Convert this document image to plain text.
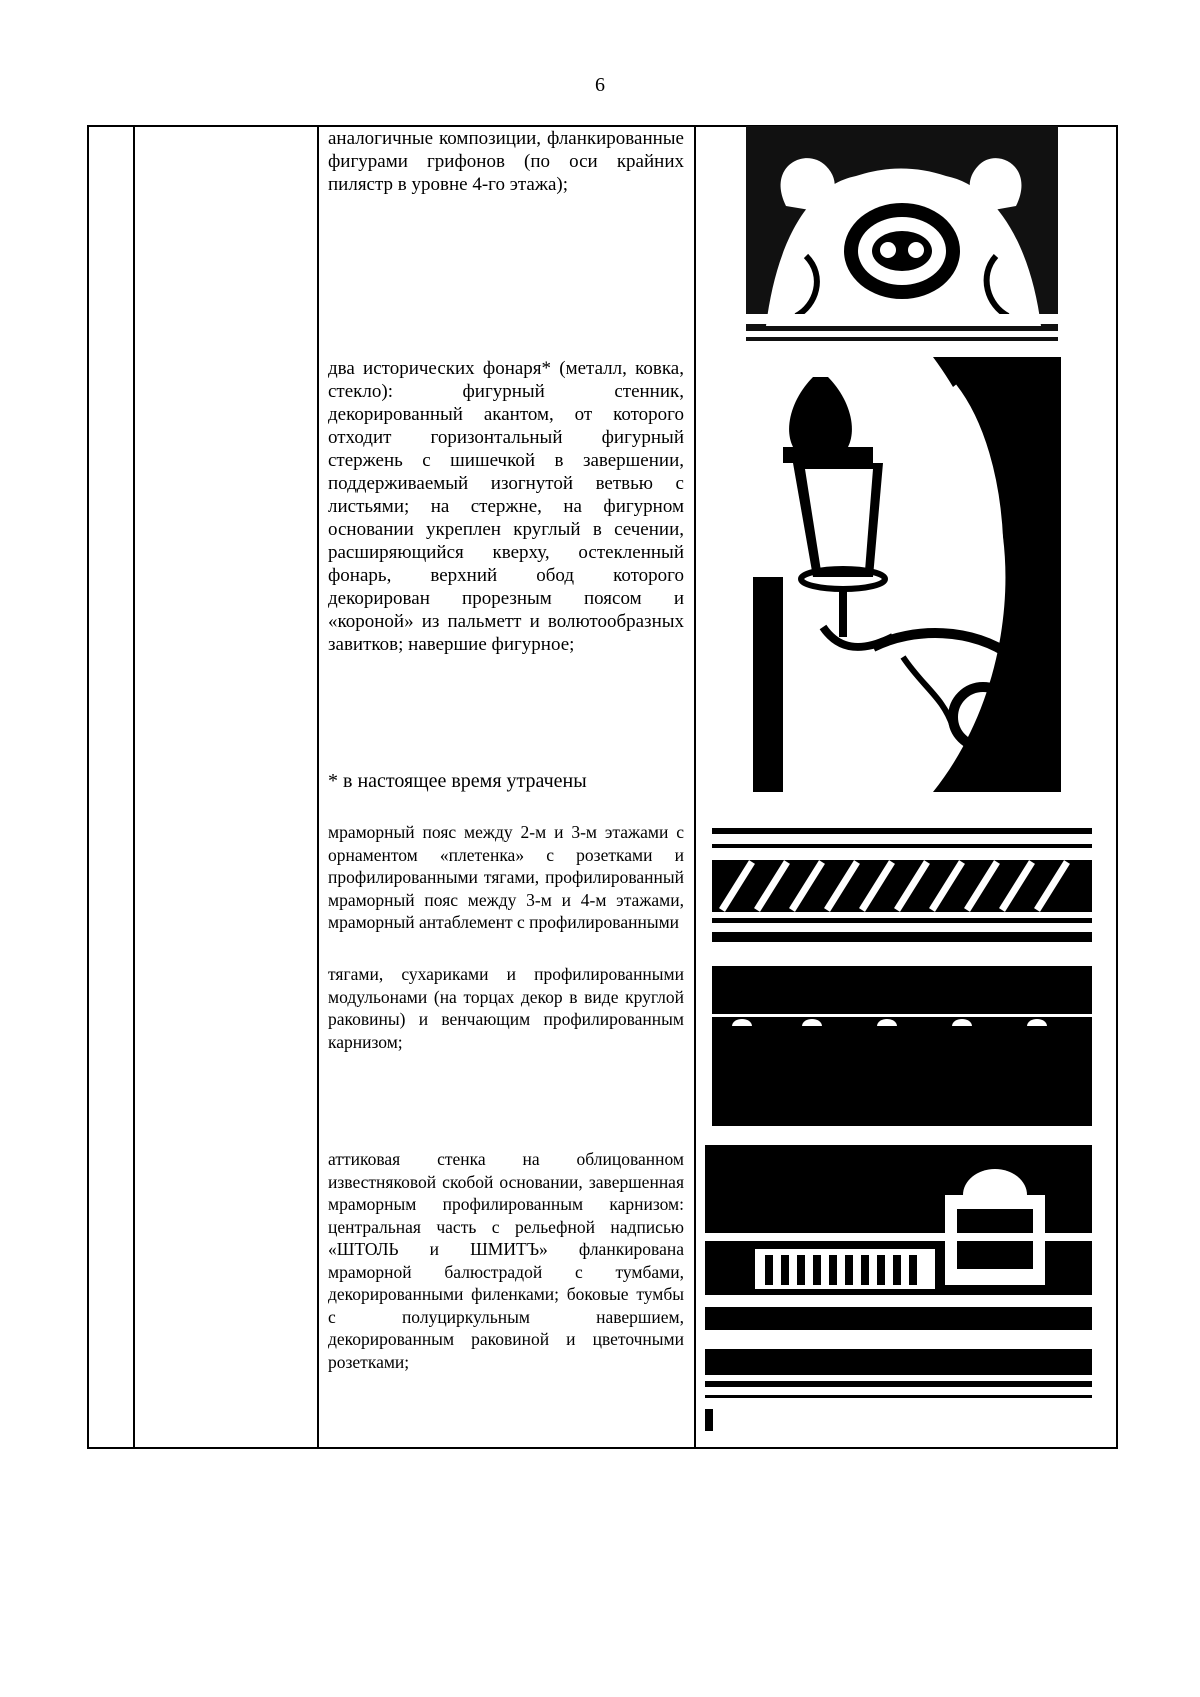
6
аналогичные композиции, фланкированные фигурами грифонов (по оси крайних пилястр в уровне 4-го этажа);
два исторических фонаря* (металл, ковка, стекло): фигурный стенник, декорированный акантом, от которого отходит горизонтальный фигурный стержень с шишечкой в завершении, поддерживаемый изогнутой ветвью с листьями; на стержне, на фигурном основании укреплен круглый в сечении, расширяющийся кверху, остекленный фонарь, верхний обод которого декорирован прорезным поясом и «короной» из пальметт и волютообразных завитков; навершие фигурное;
* в настоящее время утрачены
мраморный пояс между 2-м и 3-м этажами с орнаментом «плетенка» с розетками и профилированными тягами, профилированный мраморный пояс между 3-м и 4-м этажами, мраморный антаблемент с профилированными
тягами, сухариками и профилированными модульонами (на торцах декор в виде круглой раковины) и венчающим профилированным карнизом;
аттиковая стенка на облицованном известняковой скобой основании, завершенная мраморным профилированным карнизом: центральная часть с рельефной надписью «ШТОЛЬ и ШМИТЪ» фланкирована мраморной балюстрадой с тумбами, декорированными филенками; боковые тумбы с полуциркульным навершием, декорированным раковиной и цветочными розетками;
